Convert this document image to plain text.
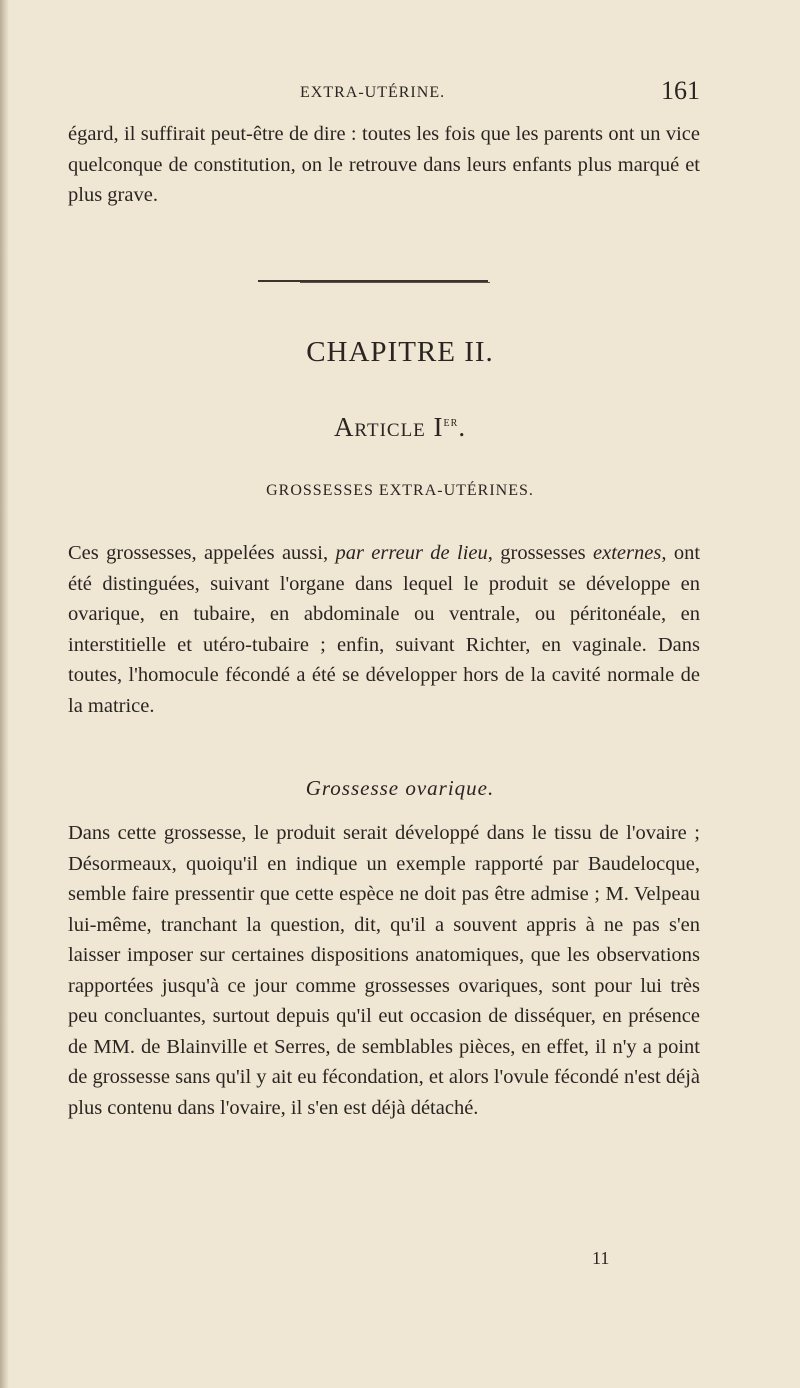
EXTRA-UTÉRINE.	161

égard, il suffirait peut-être de dire : toutes les fois que les parents ont un vice quelconque de constitution, on le retrouve dans leurs enfants plus marqué et plus grave.

CHAPITRE II.
Article Ier.
GROSSESSES EXTRA-UTÉRINES.

Ces grossesses, appelées aussi, par erreur de lieu, grossesses externes, ont été distinguées, suivant l'organe dans lequel le produit se développe en ovarique, en tubaire, en abdominale ou ventrale, ou péritonéale, en interstitielle et utéro-tubaire ; enfin, suivant Richter, en vaginale. Dans toutes, l'homocule fécondé a été se développer hors de la cavité normale de la matrice.

Grossesse ovarique.

Dans cette grossesse, le produit serait développé dans le tissu de l'ovaire ; Désormeaux, quoiqu'il en indique un exemple rapporté par Baudelocque, semble faire pressentir que cette espèce ne doit pas être admise ; M. Velpeau lui-même, tranchant la question, dit, qu'il a souvent appris à ne pas s'en laisser imposer sur certaines dispositions anatomiques, que les observations rapportées jusqu'à ce jour comme grossesses ovariques, sont pour lui très peu concluantes, surtout depuis qu'il eut occasion de disséquer, en présence de MM. de Blainville et Serres, de semblables pièces, en effet, il n'y a point de grossesse sans qu'il y ait eu fécondation, et alors l'ovule fécondé n'est déjà plus contenu dans l'ovaire, il s'en est déjà détaché.

11
